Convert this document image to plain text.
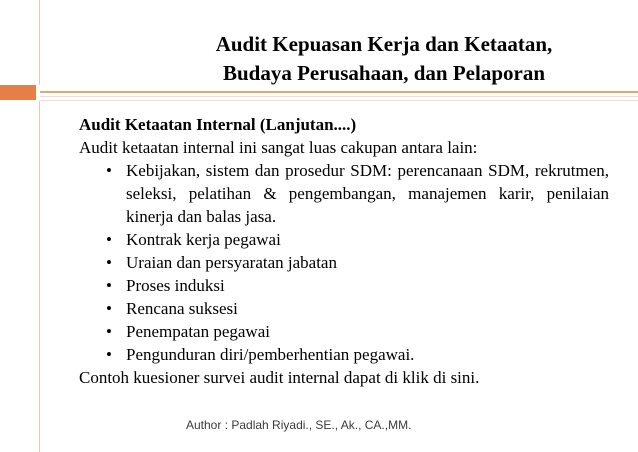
Audit Kepuasan Kerja dan Ketaatan,
Budaya Perusahaan, dan Pelaporan
Audit Ketaatan Internal (Lanjutan....)
Audit ketaatan internal ini sangat luas cakupan antara lain:
• Kebijakan, sistem dan prosedur SDM: perencanaan SDM, rekrutmen, seleksi, pelatihan & pengembangan, manajemen karir, penilaian kinerja dan balas jasa.
• Kontrak kerja pegawai
• Uraian dan persyaratan jabatan
• Proses induksi
• Rencana suksesi
• Penempatan pegawai
• Pengunduran diri/pemberhentian pegawai.
Contoh kuesioner survei audit internal dapat di klik di sini.
Author : Padlah Riyadi., SE., Ak., CA.,MM.
